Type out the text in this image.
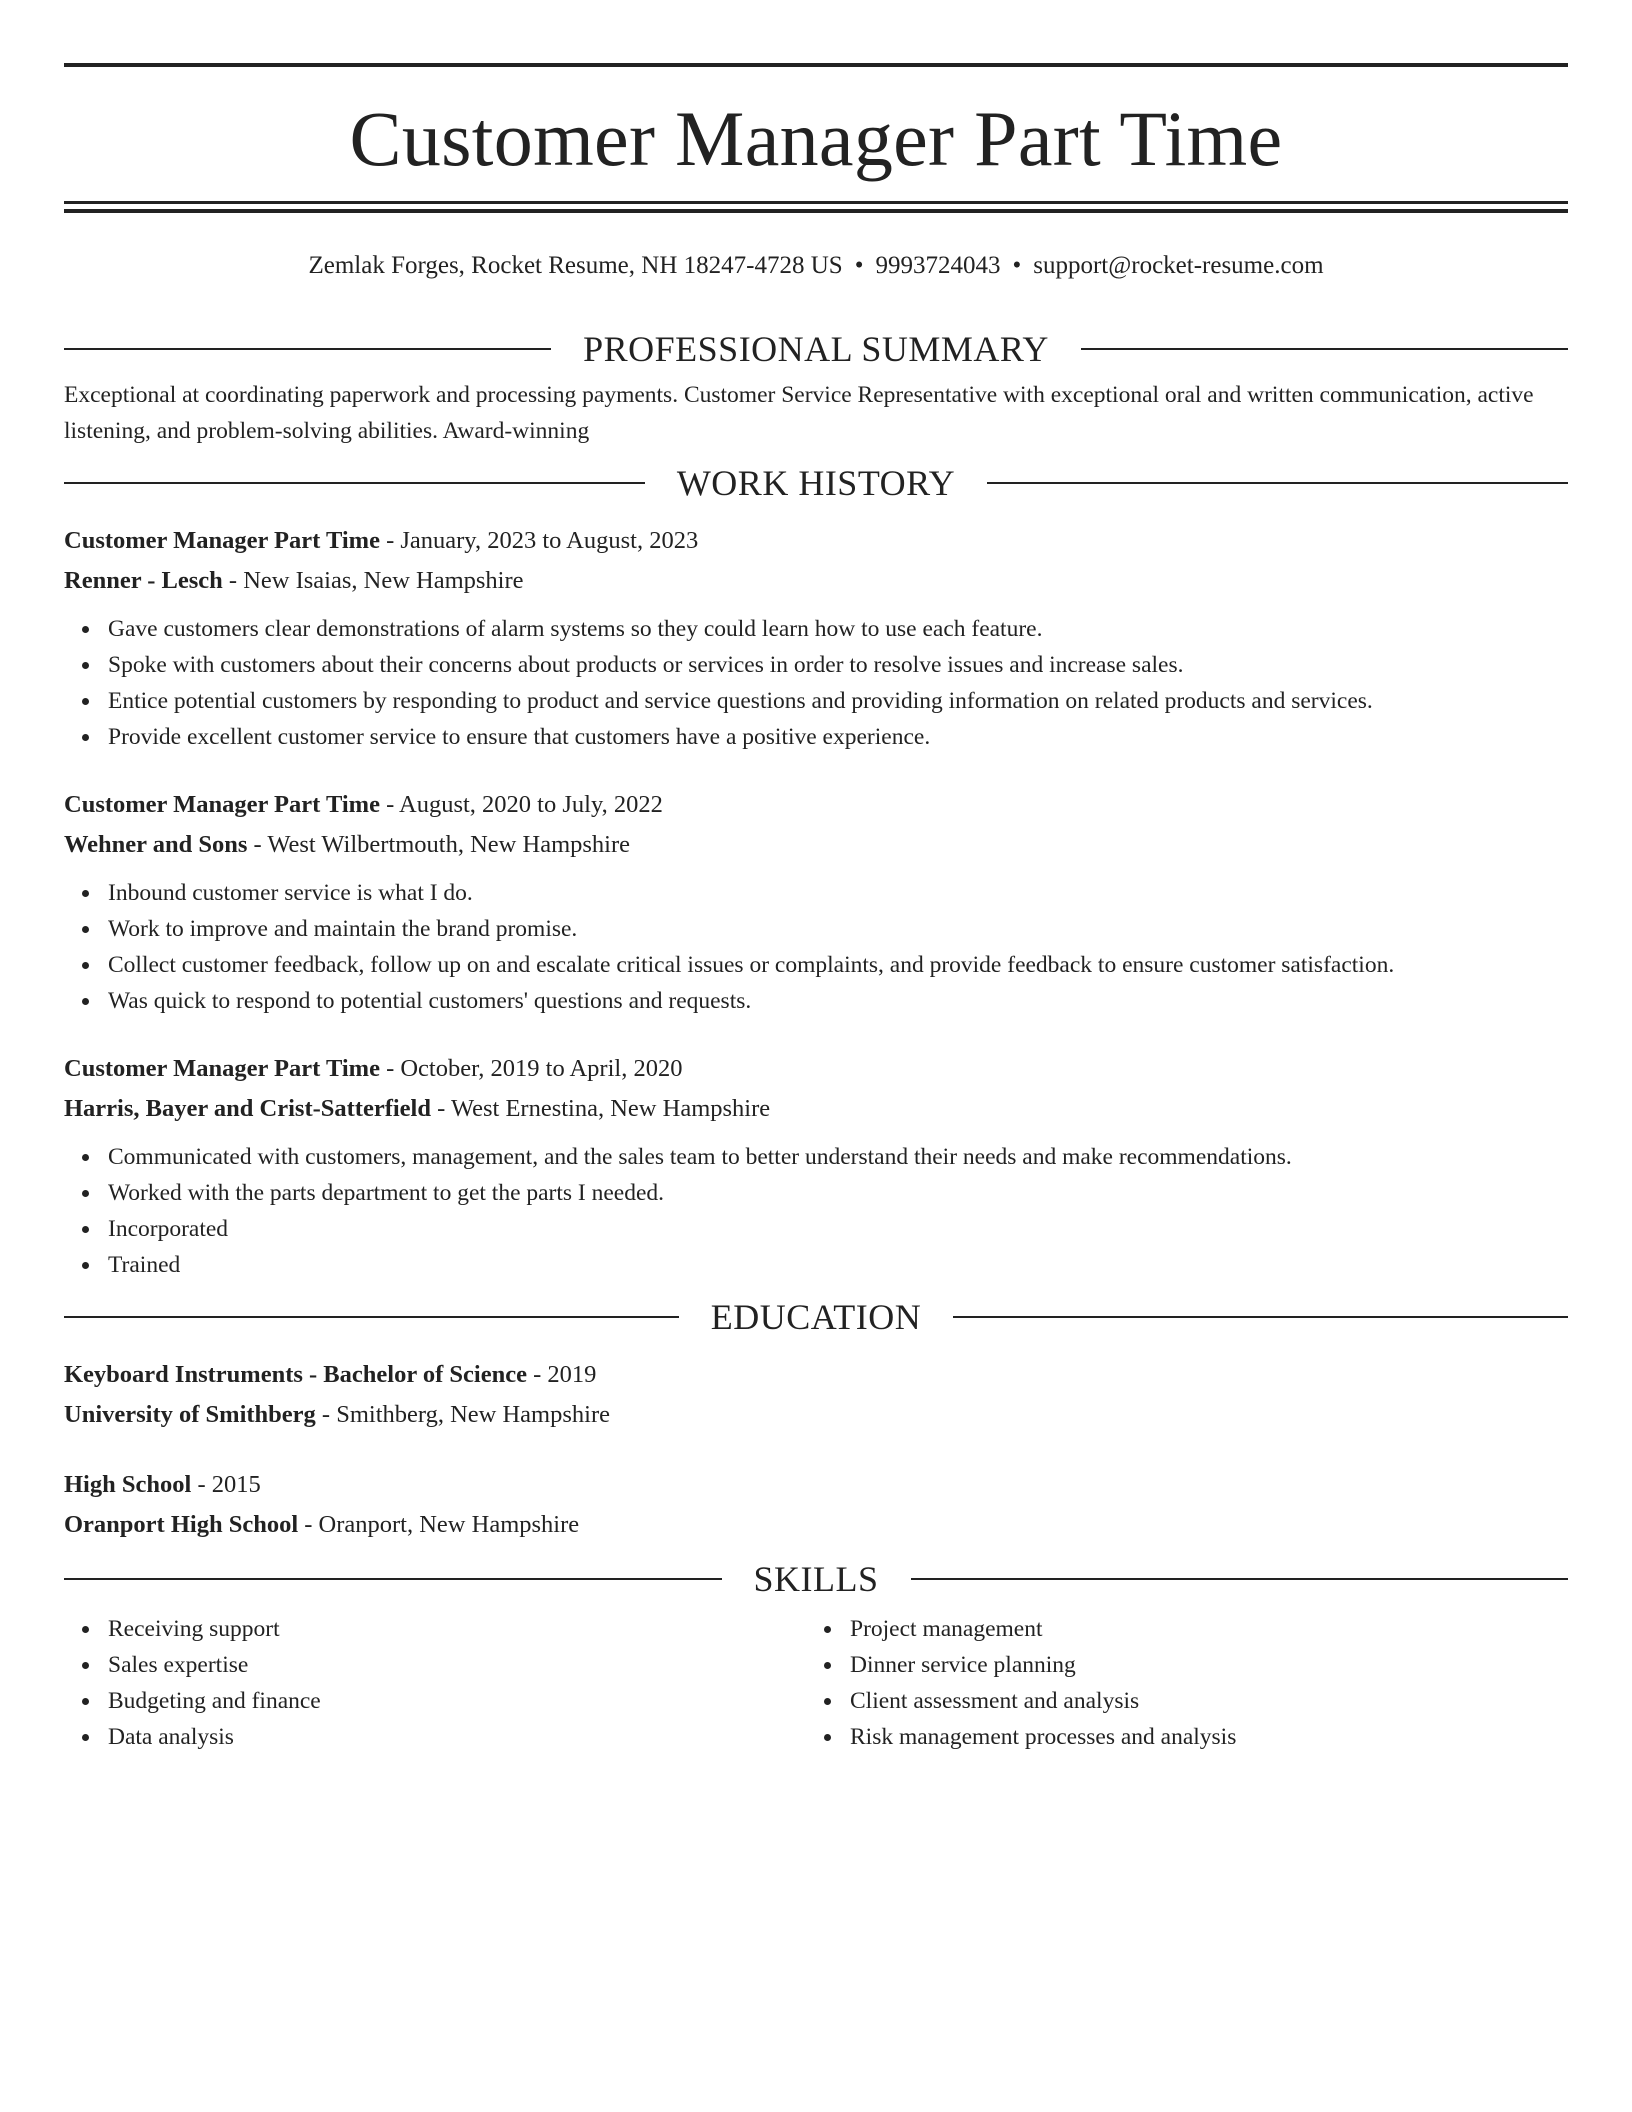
Customer Manager Part Time
Zemlak Forges, Rocket Resume, NH 18247-4728 US • 9993724043 • support@rocket-resume.com
PROFESSIONAL SUMMARY
Exceptional at coordinating paperwork and processing payments. Customer Service Representative with exceptional oral and written communication, active listening, and problem-solving abilities. Award-winning
WORK HISTORY
Customer Manager Part Time - January, 2023 to August, 2023
Renner - Lesch - New Isaias, New Hampshire
Gave customers clear demonstrations of alarm systems so they could learn how to use each feature.
Spoke with customers about their concerns about products or services in order to resolve issues and increase sales.
Entice potential customers by responding to product and service questions and providing information on related products and services.
Provide excellent customer service to ensure that customers have a positive experience.
Customer Manager Part Time - August, 2020 to July, 2022
Wehner and Sons - West Wilbertmouth, New Hampshire
Inbound customer service is what I do.
Work to improve and maintain the brand promise.
Collect customer feedback, follow up on and escalate critical issues or complaints, and provide feedback to ensure customer satisfaction.
Was quick to respond to potential customers' questions and requests.
Customer Manager Part Time - October, 2019 to April, 2020
Harris, Bayer and Crist-Satterfield - West Ernestina, New Hampshire
Communicated with customers, management, and the sales team to better understand their needs and make recommendations.
Worked with the parts department to get the parts I needed.
Incorporated
Trained
EDUCATION
Keyboard Instruments - Bachelor of Science - 2019
University of Smithberg - Smithberg, New Hampshire
High School - 2015
Oranport High School - Oranport, New Hampshire
SKILLS
Receiving support
Sales expertise
Budgeting and finance
Data analysis
Project management
Dinner service planning
Client assessment and analysis
Risk management processes and analysis
